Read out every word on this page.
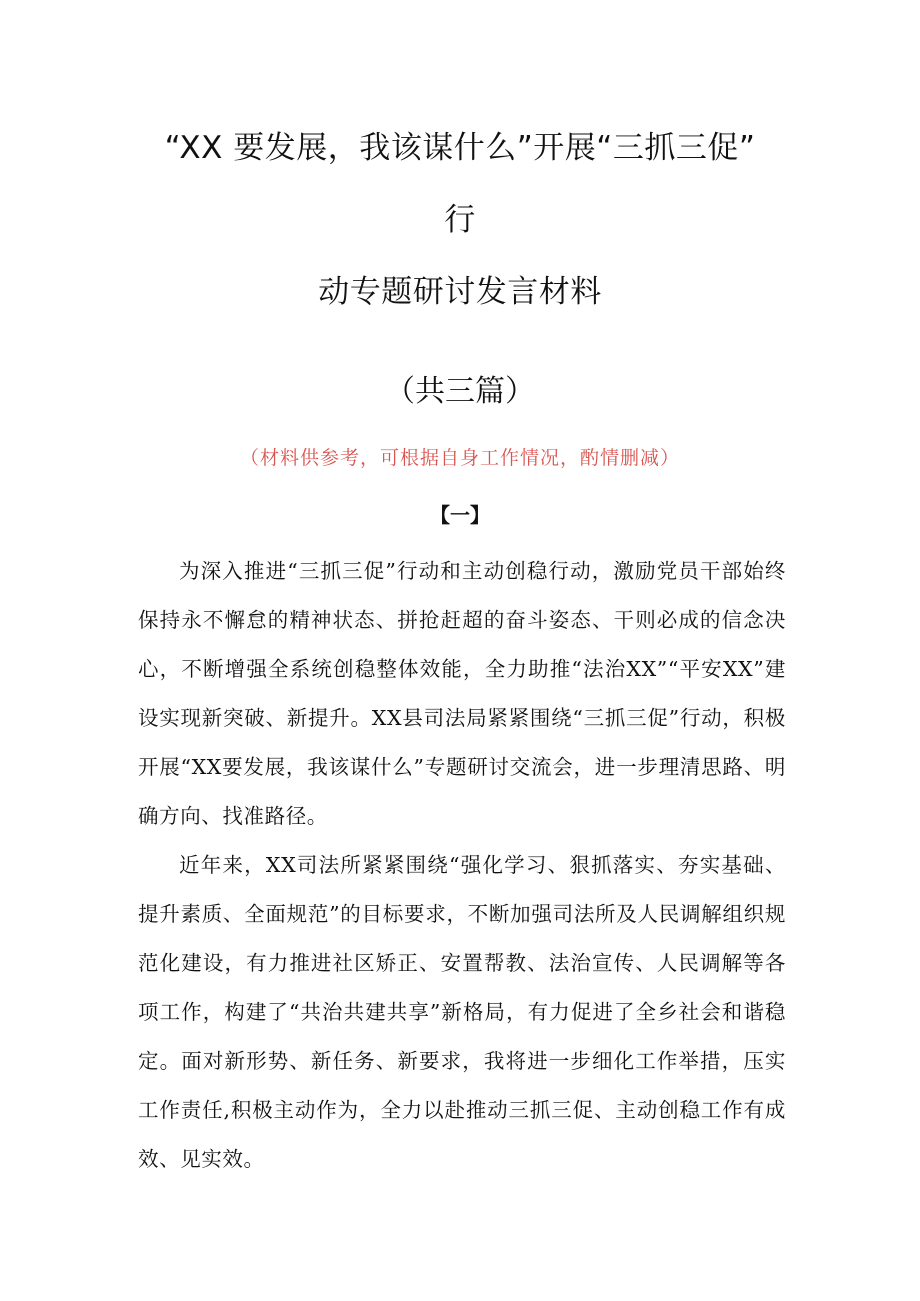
“XX 要发展，我该谋什么”开展“三抓三促”
行
动专题研讨发言材料
（共三篇）
（材料供参考，可根据自身工作情况，酌情删减）
【一】

为深入推进“三抓三促”行动和主动创稳行动，激励党员干部始终保持永不懈怠的精神状态、拼抢赶超的奋斗姿态、干则必成的信念决心，不断增强全系统创稳整体效能，全力助推“法治XX”“平安XX”建设实现新突破、新提升。XX县司法局紧紧围绕“三抓三促”行动，积极开展“XX要发展，我该谋什么”专题研讨交流会，进一步理清思路、明确方向、找准路径。

近年来，XX司法所紧紧围绕“强化学习、狠抓落实、夯实基础、提升素质、全面规范”的目标要求，不断加强司法所及人民调解组织规范化建设，有力推进社区矫正、安置帮教、法治宣传、人民调解等各项工作，构建了“共治共建共享”新格局，有力促进了全乡社会和谐稳定。面对新形势、新任务、新要求，我将进一步细化工作举措，压实工作责任,积极主动作为，全力以赴推动三抓三促、主动创稳工作有成效、见实效。
